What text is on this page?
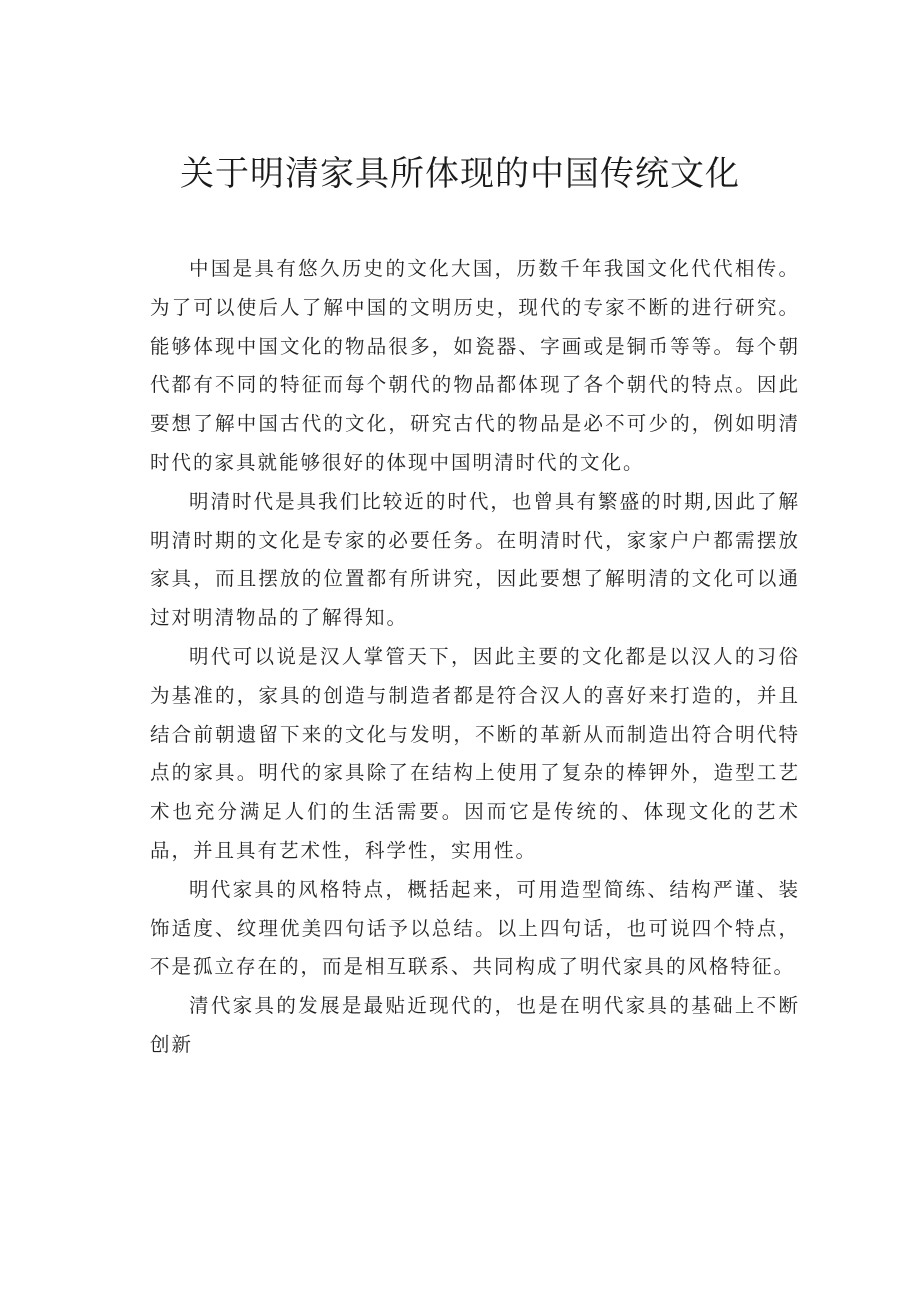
关于明清家具所体现的中国传统文化

中国是具有悠久历史的文化大国，历数千年我国文化代代相传。为了可以使后人了解中国的文明历史，现代的专家不断的进行研究。能够体现中国文化的物品很多，如瓷器、字画或是铜币等等。每个朝代都有不同的特征而每个朝代的物品都体现了各个朝代的特点。因此要想了解中国古代的文化，研究古代的物品是必不可少的，例如明清时代的家具就能够很好的体现中国明清时代的文化。

明清时代是具我们比较近的时代，也曾具有繁盛的时期,因此了解明清时期的文化是专家的必要任务。在明清时代，家家户户都需摆放家具，而且摆放的位置都有所讲究，因此要想了解明清的文化可以通过对明清物品的了解得知。

明代可以说是汉人掌管天下，因此主要的文化都是以汉人的习俗为基准的，家具的创造与制造者都是符合汉人的喜好来打造的，并且结合前朝遗留下来的文化与发明，不断的革新从而制造出符合明代特点的家具。明代的家具除了在结构上使用了复杂的棒钾外，造型工艺术也充分满足人们的生活需要。因而它是传统的、体现文化的艺术品，并且具有艺术性，科学性，实用性。

明代家具的风格特点，概括起来，可用造型简练、结构严谨、装饰适度、纹理优美四句话予以总结。以上四句话，也可说四个特点，不是孤立存在的，而是相互联系、共同构成了明代家具的风格特征。

清代家具的发展是最贴近现代的，也是在明代家具的基础上不断创新
